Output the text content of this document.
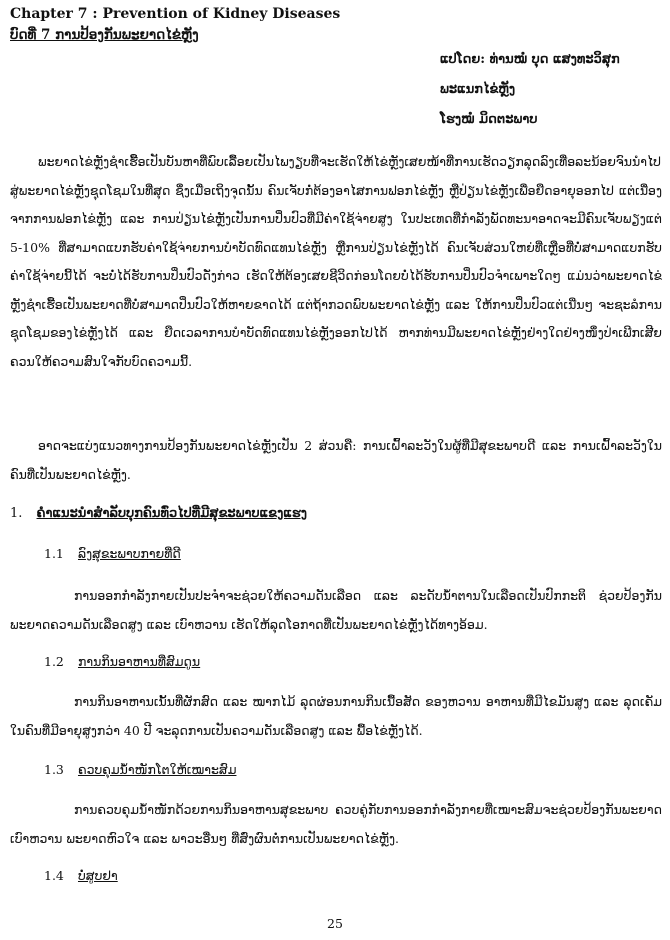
Chapter 7 : Prevention of Kidney Diseases
ບົດທີ່ 7 ການປ້ອງກັນພະຍາດໄຂ່ຫຼັງ
ແປໂດຍ: ທ່ານໝໍ ບຸດ ແສງທະວິສຸກ
ພະແນກໄຂ່ຫຼັງ
ໂຮງໝໍ ມິດຕະພາບ
ພະຍາດໄຂ່ຫຼັງຊໍາເຮື້ອເປັນບັນຫາທີ່ພົບເລື້ອຍເປັນໄພງຽບທີ່ຈະເຮັດໃຫ້ໄຂ່ຫຼັງເສຍໜ້າທີ່ການເຮັດວຽກລຸດລົງເທື່ອລະນ້ອຍຈົນນໍາໄປສູ່ພະຍາດໄຂ່ຫຼັງຊຸດໂຊມໃນທີ່ສຸດ ຊຶ່ງເມື່ອເຖິງຈຸດນັ້ນ ຄົນເຈັບກໍ່ຕ້ອງອາໄສການຟອກໄຂ່ຫຼັງ ຫຼືປ່ຽນໄຂ່ຫຼັງເພື່ອຍືດອາຍຸອອກໄປ ແຕ່ເນື່ອງຈາກການຟອກໄຂ່ຫຼັງ ແລະ ການປ່ຽນໄຂ່ຫຼັງເປັນການປິ່ນປົວທີ່ມີຄ່າໃຊ້ຈ່າຍສູງ ໃນປະເທດທີ່ກໍາລັງພັດທະນາອາດຈະມີຄົນເຈັບພຽງແຕ່ 5-10% ທີ່ສາມາດແບກຮັບຄ່າໃຊ້ຈ່າຍການບໍາບັດທົດແທນໄຂ່ຫຼັງ ຫຼືການປ່ຽນໄຂ່ຫຼັງໄດ້ ຄົນເຈັບສ່ວນໃຫຍ່ທີ່ເຫຼືອທີ່ບໍ່ສາມາດແບກຮັບຄ່າໃຊ້ຈ່າຍນີ້ໄດ້ ຈະບໍ່ໄດ້ຮັບການປິ່ນປົວດັ່ງກ່າວ ເຮັດໃຫ້ຕ້ອງເສຍຊີວິດກ່ອນໂດຍບໍ່ໄດ້ຮັບການປິ່ນປົວຈໍາເພາະໃດໆ ແມ່ນວ່າພະຍາດໄຂ່ຫຼັງຊໍາເຮື້ອເປັນພະຍາດທີ່ບໍ່ສາມາດປິ່ນປົວໃຫ້ຫາຍຂາດໄດ້ ແຕ່ຖ້າກວດພົບພະຍາດໄຂ່ຫຼັງ ແລະ ໃຫ້ການປິ່ນປົວແຕ່ເນີ່ນໆ ຈະຊະລໍການຊຸດໂຊມຂອງໄຂ່ຫຼັງໄດ້ ແລະ ຍືດເວລາການບໍາບັດທົດແທນໄຂ່ຫຼັງອອກໄປໄດ້ ຫາກທ່ານມີພະຍາດໄຂ່ຫຼັງຢ່າງໃດຢ່າງໜຶ່ງປ່າເພີກເສີຍຄວນໃຫ້ຄວາມສົນໃຈກັບບົດຄວາມນີ້.
ອາດຈະແບ່ງແນວທາງການປ້ອງກັນພະຍາດໄຂ່ຫຼັງເປັນ 2 ສ່ວນຄື: ການເຝົ້າລະວັງໃນຜູ້ທີ່ມີສຸຂະພາບດີ ແລະ ການເຝົ້າລະວັງໃນຄົນທີ່ເປັນພະຍາດໄຂ່ຫຼັງ.
1. ຄໍາແນະນໍາສໍາລັບບຸກຄົນທົ່ວໄປທີ່ມີສຸຂະພາບແຂງແຮງ
1.1 ລົງສຸຂະພາບກາຍທີ່ດີ
ການອອກກໍາລັງກາຍເປັນປະຈໍາຈະຊ່ວຍໃຫ້ຄວາມດັນເລືອດ ແລະ ລະດັບນໍ້າຕານໃນເລືອດເປັນປົກກະຕິ ຊ່ວຍປ້ອງກັນພະຍາດຄວາມດັນເລືອດສູງ ແລະ ເບົາຫວານ ເຮັດໃຫ້ລຸດໂອກາດທີ່ເປັນພະຍາດໄຂ່ຫຼັງໄດ້ທາງອ້ອມ.
1.2 ການກິນອາຫານທີ່ສົມດູນ
ການກິນອາຫານເນັ້ນທີ່ຜັກສົດ ແລະ ໝາກໄມ້ ລຸດຜ່ອນການກິນເນື້ອສັດ ຂອງຫວານ ອາຫານທີ່ມີໄຂມັນສູງ ແລະ ລຸດເຄັມໃນຄົນທີ່ມີອາຍຸສູງກວ່າ 40 ປີ ຈະລຸດການເປັນຄວາມດັນເລືອດສູງ ແລະ ພື້ອໄຂ່ຫຼັງໄດ້.
1.3 ຄວບຄຸມນໍ້າໜັກໂຕໃຫ້ເໝາະສົມ
ການຄວບຄຸມນໍ້າໜັກດ້ວຍການກິນອາຫານສຸຂະພາບ ຄວບຄູ່ກັບການອອກກໍາລັງກາຍທີ່ເໝາະສົມຈະຊ່ວຍປ້ອງກັນພະຍາດເບົາຫວານ ພະຍາດຫົວໃຈ ແລະ ພາວະອື່ນໆ ທີ່ສົ່ງຜົນຕໍ່ການເປັນພະຍາດໄຂ່ຫຼັງ.
1.4 ບໍ່ສູບຢາ
25
